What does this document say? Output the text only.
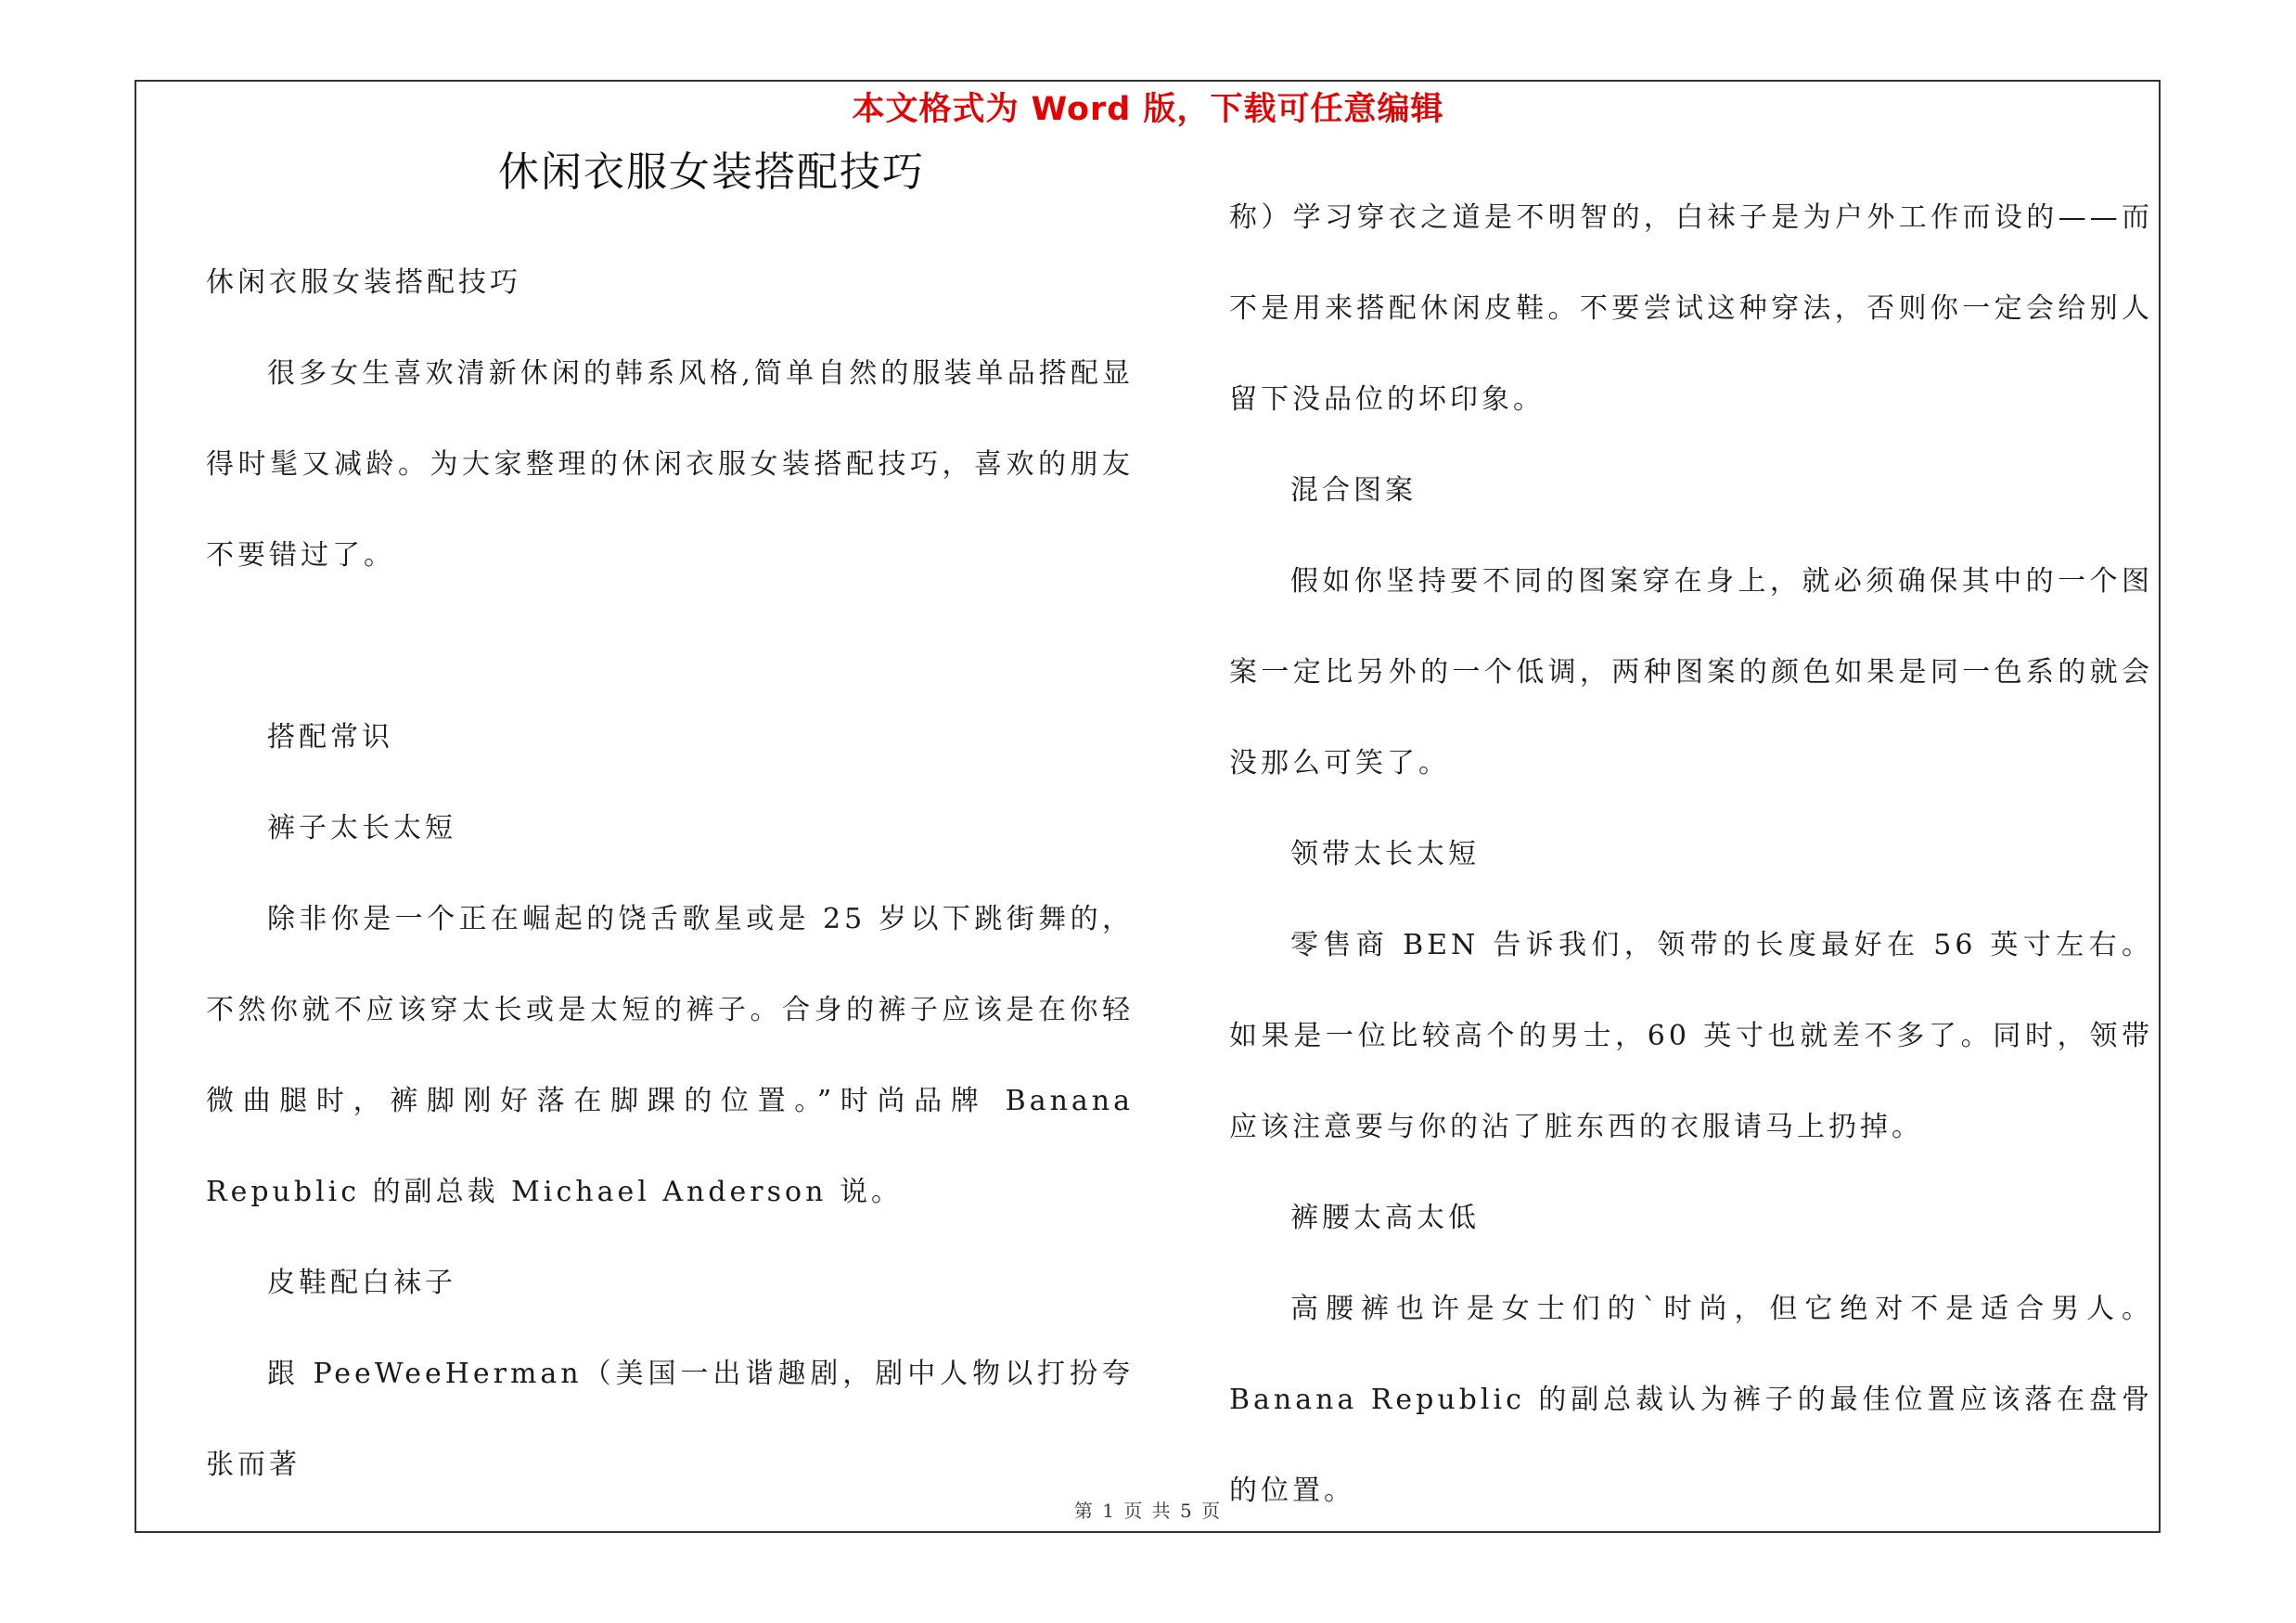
本文格式为 Word 版，下载可任意编辑
休闲衣服女装搭配技巧

休闲衣服女装搭配技巧

很多女生喜欢清新休闲的韩系风格,简单自然的服装单品搭配显得时髦又减龄。为大家整理的休闲衣服女装搭配技巧，喜欢的朋友不要错过了。

搭配常识

裤子太长太短

除非你是一个正在崛起的饶舌歌星或是 25 岁以下跳街舞的，不然你就不应该穿太长或是太短的裤子。合身的裤子应该是在你轻微曲腿时，裤脚刚好落在脚踝的位置。”时尚品牌 Banana Republic 的副总裁 Michael Anderson 说。

皮鞋配白袜子

跟 PeeWeeHerman（美国一出谐趣剧，剧中人物以打扮夸张而著

称）学习穿衣之道是不明智的，白袜子是为户外工作而设的——而不是用来搭配休闲皮鞋。不要尝试这种穿法，否则你一定会给别人留下没品位的坏印象。

混合图案

假如你坚持要不同的图案穿在身上，就必须确保其中的一个图案一定比另外的一个低调，两种图案的颜色如果是同一色系的就会没那么可笑了。

领带太长太短

零售商 BEN 告诉我们，领带的长度最好在 56 英寸左右。如果是一位比较高个的男士，60 英寸也就差不多了。同时，领带应该注意要与你的沾了脏东西的衣服请马上扔掉。

裤腰太高太低

高腰裤也许是女士们的`时尚，但它绝对不是适合男人。Banana Republic 的副总裁认为裤子的最佳位置应该落在盘骨的位置。

第 1 页 共 5 页
